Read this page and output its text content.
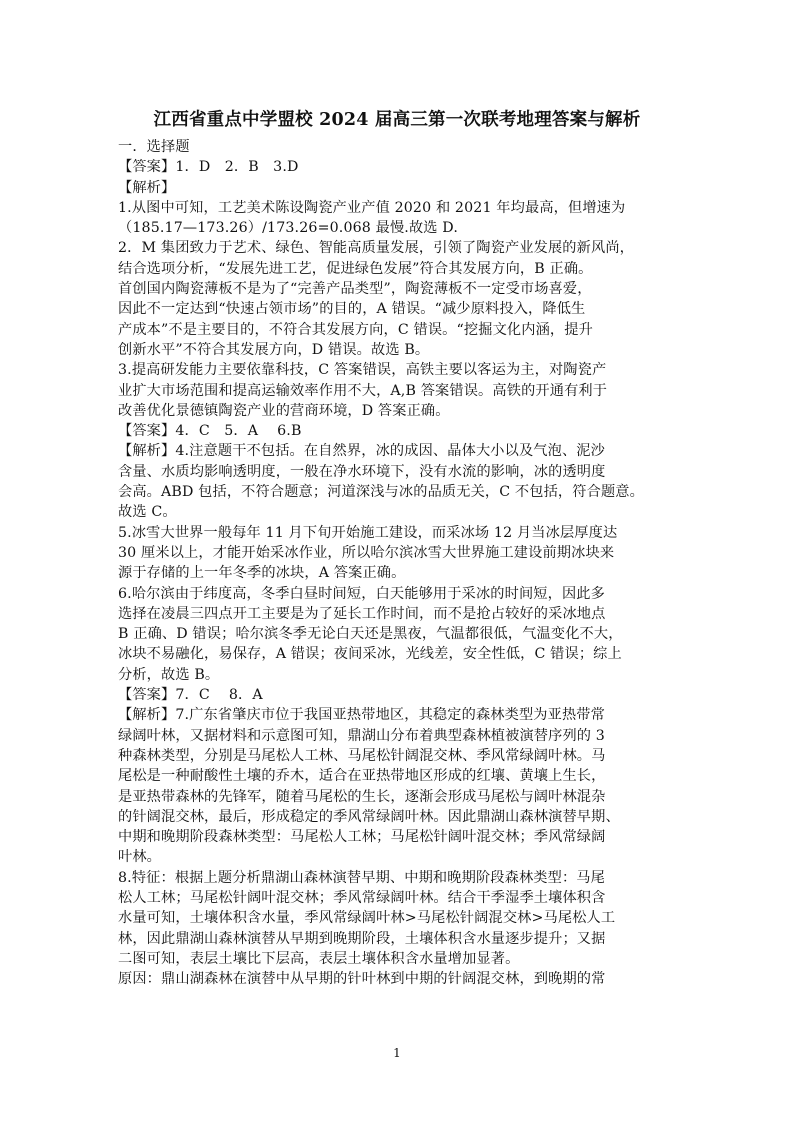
江西省重点中学盟校 2024 届高三第一次联考地理答案与解析
一．选择题
【答案】1．D　2．B　3.D
【解析】
1.从图中可知，工艺美术陈设陶瓷产业产值 2020 和 2021 年均最高，但增速为
（185.17—173.26）/173.26=0.068 最慢.故选 D.
2．M 集团致力于艺术、绿色、智能高质量发展，引领了陶瓷产业发展的新风尚，
结合选项分析，“发展先进工艺，促进绿色发展”符合其发展方向，B 正确。
首创国内陶瓷薄板不是为了“完善产品类型”，陶瓷薄板不一定受市场喜爱，
因此不一定达到“快速占领市场”的目的，A 错误。“减少原料投入，降低生
产成本”不是主要目的，不符合其发展方向，C 错误。“挖掘文化内涵，提升
创新水平”不符合其发展方向，D 错误。故选 B。
3.提高研发能力主要依靠科技，C 答案错误，高铁主要以客运为主，对陶瓷产
业扩大市场范围和提高运输效率作用不大，A,B 答案错误。高铁的开通有利于
改善优化景德镇陶瓷产业的营商环境，D 答案正确。
【答案】4．C　5．A　 6.B
【解析】4.注意题干不包括。在自然界，冰的成因、晶体大小以及气泡、泥沙
含量、水质均影响透明度，一般在净水环境下，没有水流的影响，冰的透明度
会高。ABD 包括，不符合题意；河道深浅与冰的品质无关，C 不包括，符合题意。
故选 C。
5.冰雪大世界一般每年 11 月下旬开始施工建设，而采冰场 12 月当冰层厚度达
30 厘米以上，才能开始采冰作业，所以哈尔滨冰雪大世界施工建设前期冰块来
源于存储的上一年冬季的冰块，A 答案正确。
6.哈尔滨由于纬度高，冬季白昼时间短，白天能够用于采冰的时间短，因此多
选择在凌晨三四点开工主要是为了延长工作时间，而不是抢占较好的采冰地点
B 正确、D 错误；哈尔滨冬季无论白天还是黑夜，气温都很低，气温变化不大，
冰块不易融化，易保存，A 错误；夜间采冰，光线差，安全性低，C 错误；综上
分析，故选 B。
【答案】7．C　 8．A
【解析】7.广东省肇庆市位于我国亚热带地区，其稳定的森林类型为亚热带常
绿阔叶林，又据材料和示意图可知，鼎湖山分布着典型森林植被演替序列的 3
种森林类型，分别是马尾松人工林、马尾松针阔混交林、季风常绿阔叶林。马
尾松是一种耐酸性土壤的乔木，适合在亚热带地区形成的红壤、黄壤上生长，
是亚热带森林的先锋军，随着马尾松的生长，逐渐会形成马尾松与阔叶林混杂
的针阔混交林，最后，形成稳定的季风常绿阔叶林。因此鼎湖山森林演替早期、
中期和晚期阶段森林类型：马尾松人工林；马尾松针阔叶混交林；季风常绿阔
叶林。
8.特征：根据上题分析鼎湖山森林演替早期、中期和晚期阶段森林类型：马尾
松人工林；马尾松针阔叶混交林；季风常绿阔叶林。结合干季湿季土壤体积含
水量可知，土壤体积含水量，季风常绿阔叶林>马尾松针阔混交林>马尾松人工
林，因此鼎湖山森林演替从早期到晚期阶段，土壤体积含水量逐步提升；又据
二图可知，表层土壤比下层高，表层土壤体积含水量增加显著。
原因：鼎山湖森林在演替中从早期的针叶林到中期的针阔混交林，到晚期的常
1
